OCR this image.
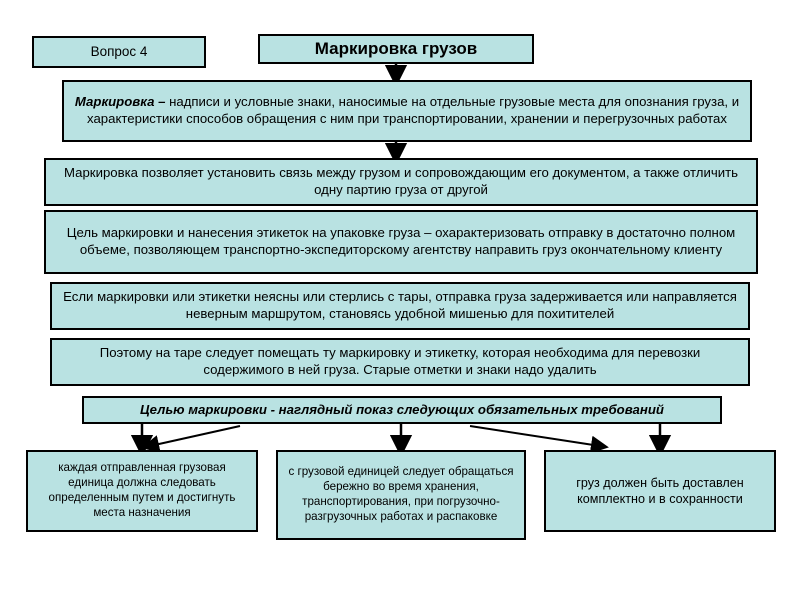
Вопрос 4	Маркировка грузов

Маркировка – надписи и условные знаки, наносимые на отдельные грузовые места для опознания груза, и характеристики способов обращения с ним при транспортировании, хранении и перегрузочных работах

Маркировка позволяет установить связь между грузом и сопровождающим его документом, а также отличить одну партию груза от другой

Цель маркировки и нанесения этикеток на упаковке груза – охарактеризовать отправку в достаточно полном объеме, позволяющем транспортно-экспедиторскому агентству направить груз окончательному клиенту

Если маркировки или этикетки неясны или стерлись с тары, отправка груза задерживается или направляется неверным маршрутом, становясь удобной мишенью для похитителей

Поэтому на таре следует помещать ту маркировку и этикетку, которая необходима для перевозки содержимого в ней груза. Старые отметки и знаки надо удалить

Целью маркировки - наглядный показ следующих обязательных требований

каждая отправленная грузовая единица должна следовать определенным путем и достигнуть места назначения

с грузовой единицей следует обращаться бережно во время хранения, транспортирования, при погрузочно-разгрузочных работах и распаковке

груз должен быть доставлен комплектно и в сохранности
